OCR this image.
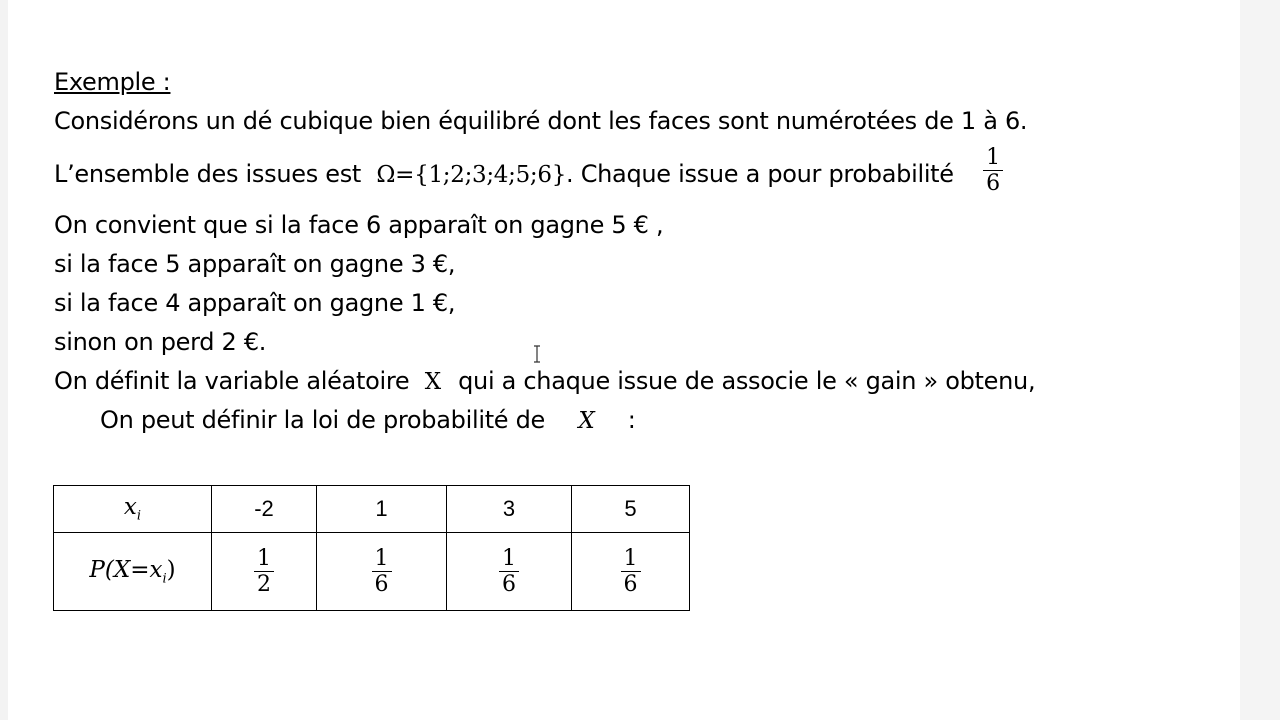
Exemple :
Considérons un dé cubique bien équilibré dont les faces sont numérotées de 1 à 6.
L’ensemble des issues est Ω={1;2;3;4;5;6}. Chaque issue a pour probabilité $\frac{1}{6}$
On convient que si la face 6 apparaît on gagne 5 € ,
si la face 5 apparaît on gagne 3 €,
si la face 4 apparaît on gagne 1 €,
sinon on perd 2 €.
On définit la variable aléatoire X qui a chaque issue de associe le « gain » obtenu,
On peut définir la loi de probabilité de X :
$x_i$	-2	1	3	5
$P(X=x_i)$	$\frac{1}{2}$	$\frac{1}{6}$	$\frac{1}{6}$	$\frac{1}{6}$
